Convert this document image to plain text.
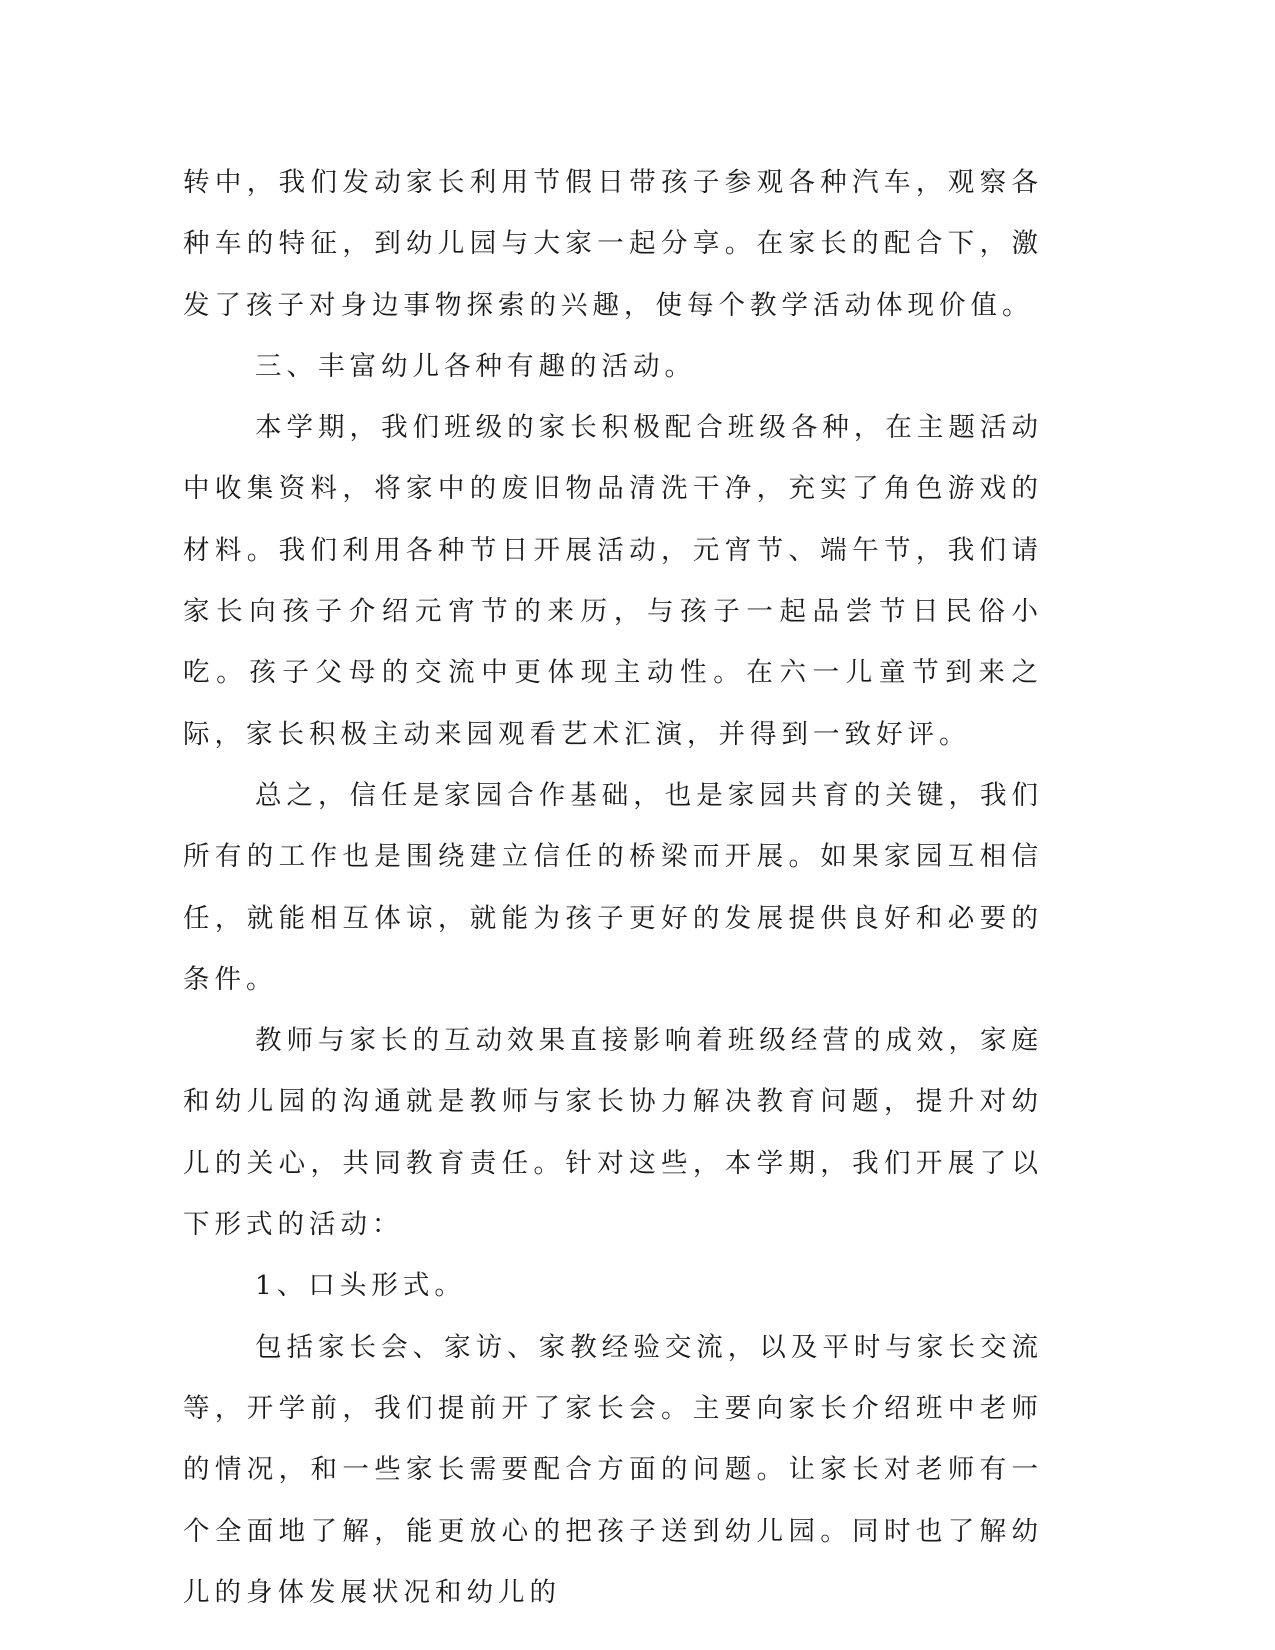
转中，我们发动家长利用节假日带孩子参观各种汽车，观察各种车的特征，到幼儿园与大家一起分享。在家长的配合下，激发了孩子对身边事物探索的兴趣，使每个教学活动体现价值。

三、丰富幼儿各种有趣的活动。

本学期，我们班级的家长积极配合班级各种，在主题活动中收集资料，将家中的废旧物品清洗干净，充实了角色游戏的材料。我们利用各种节日开展活动，元宵节、端午节，我们请家长向孩子介绍元宵节的来历，与孩子一起品尝节日民俗小吃。孩子父母的交流中更体现主动性。在六一儿童节到来之际，家长积极主动来园观看艺术汇演，并得到一致好评。

总之，信任是家园合作基础，也是家园共育的关键，我们所有的工作也是围绕建立信任的桥梁而开展。如果家园互相信任，就能相互体谅，就能为孩子更好的发展提供良好和必要的条件。

教师与家长的互动效果直接影响着班级经营的成效，家庭和幼儿园的沟通就是教师与家长协力解决教育问题，提升对幼儿的关心，共同教育责任。针对这些，本学期，我们开展了以下形式的活动：

1、口头形式。

包括家长会、家访、家教经验交流，以及平时与家长交流等，开学前，我们提前开了家长会。主要向家长介绍班中老师的情况，和一些家长需要配合方面的问题。让家长对老师有一个全面地了解，能更放心的把孩子送到幼儿园。同时也了解幼儿的身体发展状况和幼儿的
